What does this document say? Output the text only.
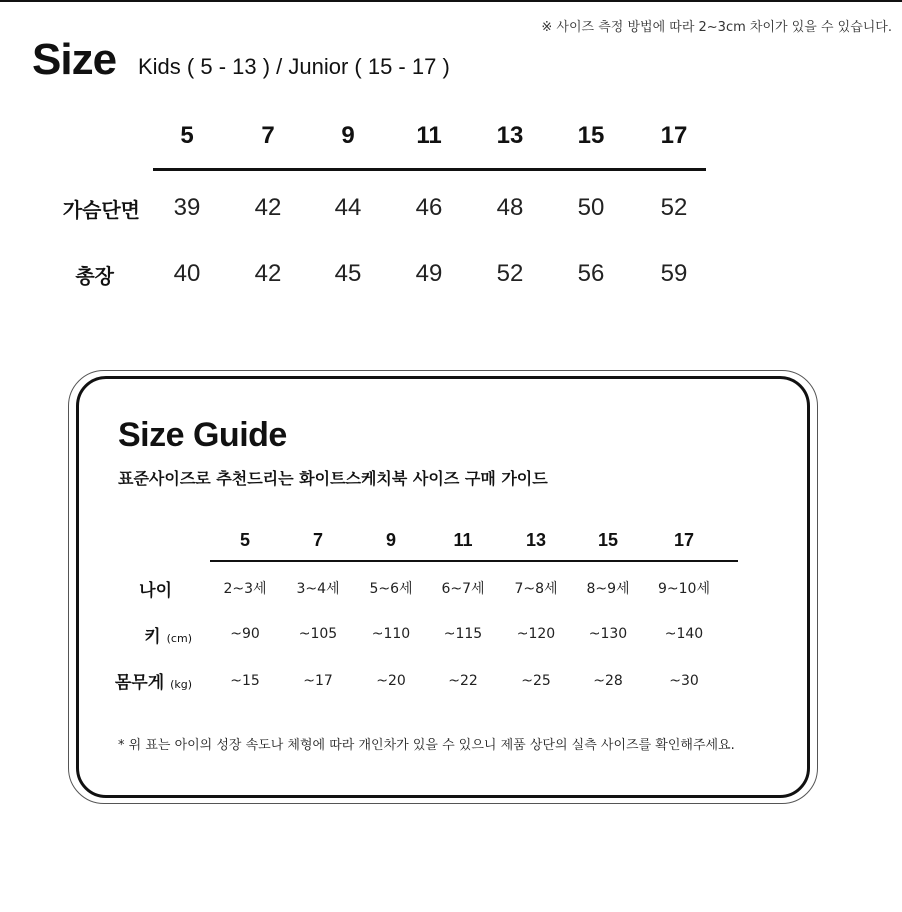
※ 사이즈 측정 방법에 따라 2~3cm 차이가 있을 수 있습니다.
Size Kids ( 5 - 13 ) / Junior ( 15 - 17 )
5	7	9	11	13	15	17
가슴단면	39	42	44	46	48	50	52
총장	40	42	45	49	52	56	59
Size Guide
표준사이즈로 추천드리는 화이트스케치북 사이즈 구매 가이드
5	7	9	11	13	15	17
나이	2~3세	3~4세	5~6세	6~7세	7~8세	8~9세	9~10세
키 (cm)	~90	~105	~110	~115	~120	~130	~140
몸무게 (kg)	~15	~17	~20	~22	~25	~28	~30
* 위 표는 아이의 성장 속도나 체형에 따라 개인차가 있을 수 있으니 제품 상단의 실측 사이즈를 확인해주세요.
